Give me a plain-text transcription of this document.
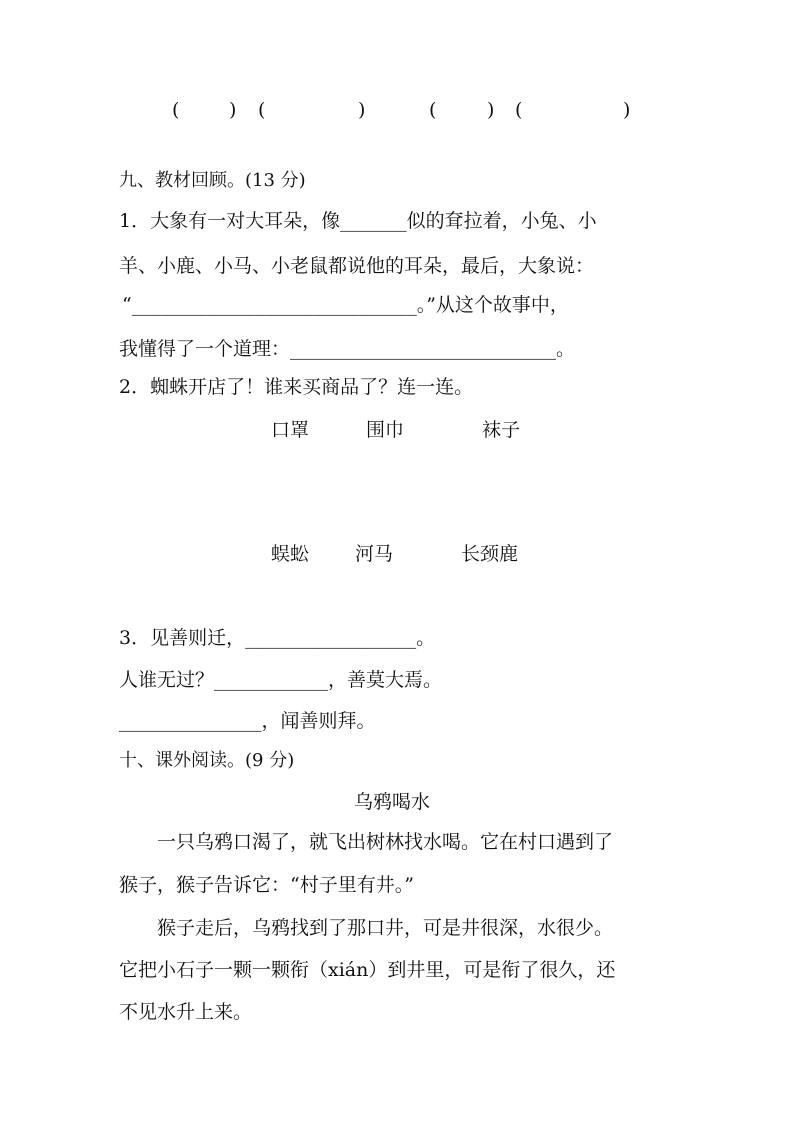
(	) (	)	(	) (	)
九、教材回顾。(13 分)
1．大象有一对大耳朵，像_______似的耷拉着，小兔、小
羊、小鹿、小马、小老鼠都说他的耳朵，最后，大象说：
“______________________________。”从这个故事中，
我懂得了一个道理：____________________________。
2．蜘蛛开店了！谁来买商品了？连一连。
口罩	围巾	袜子
蜈蚣 河马	长颈鹿
3．见善则迁，__________________。
人谁无过？____________，善莫大焉。
_______________，闻善则拜。
十、课外阅读。(9 分)
乌鸦喝水
　　一只乌鸦口渴了，就飞出树林找水喝。它在村口遇到了
猴子，猴子告诉它：“村子里有井。”
　　猴子走后，乌鸦找到了那口井，可是井很深，水很少。
它把小石子一颗一颗衔（xián）到井里，可是衔了很久，还
不见水升上来。
